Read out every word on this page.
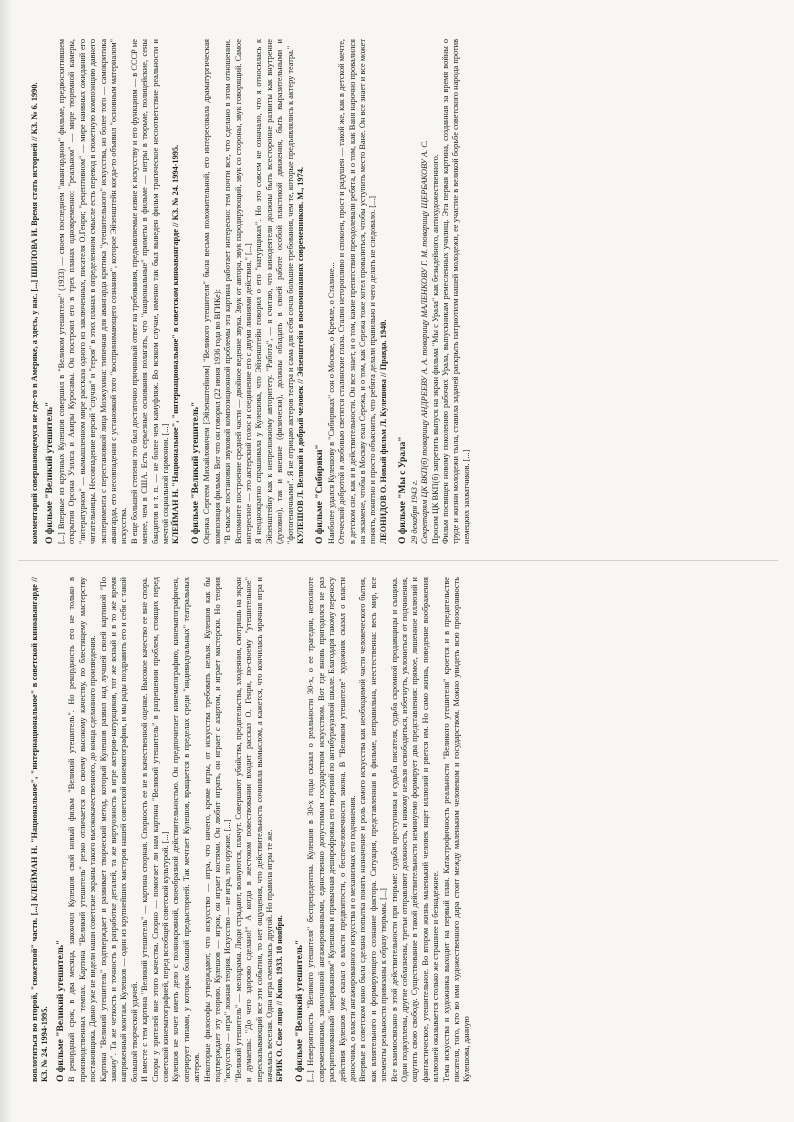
воплотиться во второй, "сюжетной" части. [...] КЛЕЙМАН Н. "Национальное", "интернациональное" в советской киноавангарде // КЗ. № 24. 1994-1995. О фильме "Великий утешитель" В рекордный срок, в два месяца, закончил Кулешов свой новый фильм "Великий утешитель". Но рекордность его не только в производственных темпах. Картина "Великий утешитель" резко отличается по своему высокому качеству, по блестящему мастерству постановщика. Давно уже не видели наши советские экраны такого высококачественного, до конца сделанного произведения. Картина "Великий утешитель" подтверждает и развивает творческий метод, который Кулешов развил над лучшей своей картиной "По закону". Та же четкость и точность в разработке деталей, та же виртуозность в игре актеров-натурщиков, тот же ясный и в то же время напряженный монтаж. Кулешов — один из крупнейших мастеров нашей советской кинематографии, и мы рады поздравить его и себя с такой большой творческой удачей. И вместе с тем картина "Великий утешитель" — картина спорная. Спорность ее не в качественной оценке. Высокое качество ее вне спора. Споры у зрителей вне этого качества. Спорно — помогает ли нам картина "Великий утешитель" в разрешении проблем, стоящих перед советской кинематографией, перед всеобщей советской культурой. [...] Кулешов не хочет иметь дело с полнокровной, своеобразной действительностью. Он предпочитает кинематографию, кинематографичен, оперирует типами, у которых большой предысторией. Так мечтает Кулешов, вращается в пределах среди "индивидуальных" театральных актеров. Некоторые философы утверждают, что искусство — игра, что ничего, кроме игры, от искусства требовать нельзя. Кулешов как бы подтверждает эту теорию. Кулешов — игрок, он играет костями. Он любит играть, он играет с азартом, и играет мастерски. Но теория "искусство — игра" ложная теория. Искусство — не игра, это оружие. [...] "Великий утешитель" — мелодрама. Люди страдают, волнуются, плачут. Совершают убийства, предательства, злодеяния, смотришь на экран и думаешь: "До чего здорово сделано!" А когда в жестоком повествовании входит рассказ О. Генри, по-своему "утешительное" пересказывающий все эти события, то нет ощущения, что действительность сочиняла вымыслом, а кажется, что кончилась мрачная игра и началась веселая. Одна игра сменилась другой. Но правила игры те же. БРИК О. Свое лицо // Кино. 1933. 10 ноября. О фильме "Великий утешитель" [...] Невероятность "Великого утешителя" беспрецедентна. Кулешов в 30-х годы сказал о реальности 30-х, о ее трагедии, неполноте современниками, замолчанной ангажированными, единственно допустимым государством искусством. Вот где вновь пригодился не раз раскритикованный "американизм" Кулешова и привычная деширофровка его творений по антибуржуазной шкале. Благодаря такому переносу действия Кулешов уже сказал о власти предвзятости, о беспечеловечности закона. В "Великом утешителе" художник сказал о власти доносчика, о власти ангажированного искусства и о механизмах его подчинения. Впервые в советском кино была сделана попытка понять назначение и роль самого искусства как необходимой части человеческого бытия, как влиятельного и формирующего сознание фактора. Ситуация, представленная в фильме, неправильна, неестественна: весь мир, все элементы реальности привязаны к образу тюрьмы. [...] Все взаимосвязано в этой действительности при тюрьме: судьба преступника и судьба писателя, судьба скромной продавщицы и сыщика. Одни подкуплены, другие соблазнены, третьи отправляют должность, и никому нельзя освободиться, избегнуть, уклониться от подчинения, ощутить свою свободу. Существование в такой действительности неминуемо формирует два представления: прямое, лишенное иллюзий и фантастическое, утешительное. Во втором жизнь маленький человек ищет иллюзий и рвется им. Но само жизнь, поведение воображения иллюзией оказывается столько же страшнее и безнадежнее. Тема искусства и художника выходит на первый план. Катастрофичность реальности "Великого утешителя" кроется и в предательстве писателя, того, кто во имя художественного дара стоит между маленьким человеком и государством. Можно увидеть всю прозорливость Кулешова, данную

комментарий совершающемуся не где-то в Америке, а здесь, у нас. [...] ШИЛОВА И. Время стать историей // КЗ. № 6. 1990. О фильме "Великий утешитель" [...] Впервые из крупных Кулешов совершил в "Великом утешителе" (1933) — своем последнем "авангардном" фильме, предвосхитившем открытия Орсона Уэллса и Акиры Куросавы. Он построил его в трех планах одновременно: "реальном" — мире тюремной камеры, "литературном" — вымышленном мире рассказа одного из заключенных, писателя О.Генри; "рецептивном" — мире наивных ожиданий его читательницы. Несовпадение версий "случая" и "героя" в этих планах в определенном смысле есть перевод в сюжетную композицию давнего эксперимента с перестановкой лица Мозжухина: типичная для авангарда критика "утешительного" искусства, но более того — самокритика авангарда, его несовпадения с установкой того "воспринимающего сознания", которое Эйзенштейн когда-то объявил "основным материалом" искусства. В еще большей степени это был достаточно причинный ответ на требования, предъявляемые извне к искусству и его функциям — в СССР не менее, чем в США. Есть серьезные основания полагать, что "национальные" приметы в фильме — негры в тюрьме, полицейские, сены бандитов и т. п. — не более чем камуфляж. Во всяком случае, именно так был выведен фильм трагическое несоответствие реальности и мечтой социальной гармонии. [...] КЛЕЙМАН Н. "Национальное", "интернациональное" в советском киноавангарде // КЗ. № 24. 1994-1995. О фильме "Великий утешитель" Оценка Сергеем Михайловичем [Эйзенштейном] "Великого утешителя" была весьма положительной, его интересовала драматургическая композиция фильма. Вот что он говорил (22 июня 1936 года во ВГИКе): "В смысле постановки звуковой композиционной проблемы эта картина работает интересно: тем почти все, что сделано в этом отношении. Вспомните построение средней части — двойное ведение звука. Звук от автора, звук пародирующий, звук со стороны, звук говорящий. Самое интересное — это актерский голос и соединение его с двумя линиями действия." [...] Я неоднократно спрашивала у Кулешова, что Эйзенштейн говорил о его "натурщиках". Но это совсем не означало, что я относилась к Эйзенштейну как к непреложному авторитету. "Работа", — я считаю, что кинодеятели должны быть всесторонне развиты как внутренне (духовно), так и внешне (физически), должны обладать в своей работе особой пластикой движения, быть выразительными и "фотогеничными". Я не отрицаю актеров театра и сама для себя сочла большие требования, чем те, которые предъявлялись к актеру театра." КУЛЕШОВ Л. Великий и добрый человек // Эйзенштейн в воспоминаниях современников. М., 1974. О фильме "Сибиряки" Наиболее удался Кулешову в "Сибиряках" сон о Москве, о Кремле, о Сталине... Отеческой добротой и любовью светятся сталинские глаза. Сталин неторопливо и спокоен, прост и радушен — такой же, как в детской мечте, в детском сне, как и в действительности. Он все знает, и о том, какие препятствия преодолевали ребята, и о том, как Ваня нарочно провалился на экзамене, чтобы в Москву ехал Сережа, и о том, как Сережа тоже хотел провалиться, чтобы уступить место Ване. Он все знает и все может понять, понятно и просто объяснить, что ребята делали правильно и чего делать не следовало. [...] ЛЕОНИДОВ О. Новый фильм Л. Кулешова // Правда. 1940. О фильме "Мы с Урала" 29 декабря 1943 г. Секретарям ЦК ВКП(б) товарищу АНДРЕЕВУ А. А. товарищу МАЛЕНКОВУ Г. М. товарищу ЩЕРБАКОВУ А. С. Просим ЦК ВКП(б) запретить выпуск на экран фильма "Мы с Урала" как безыдейного, антихудожественного. Фильм посвящен новому поколению рабочих Урала, выпускникам ремесленных училищ. Эта первая картина, созданная за время войны о труде и жизни молодежи тыла, ставила задачей раскрыть патриотизм нашей молодежи, ее участие в великой борьбе советского народа против немецких захватчиков. [...]
